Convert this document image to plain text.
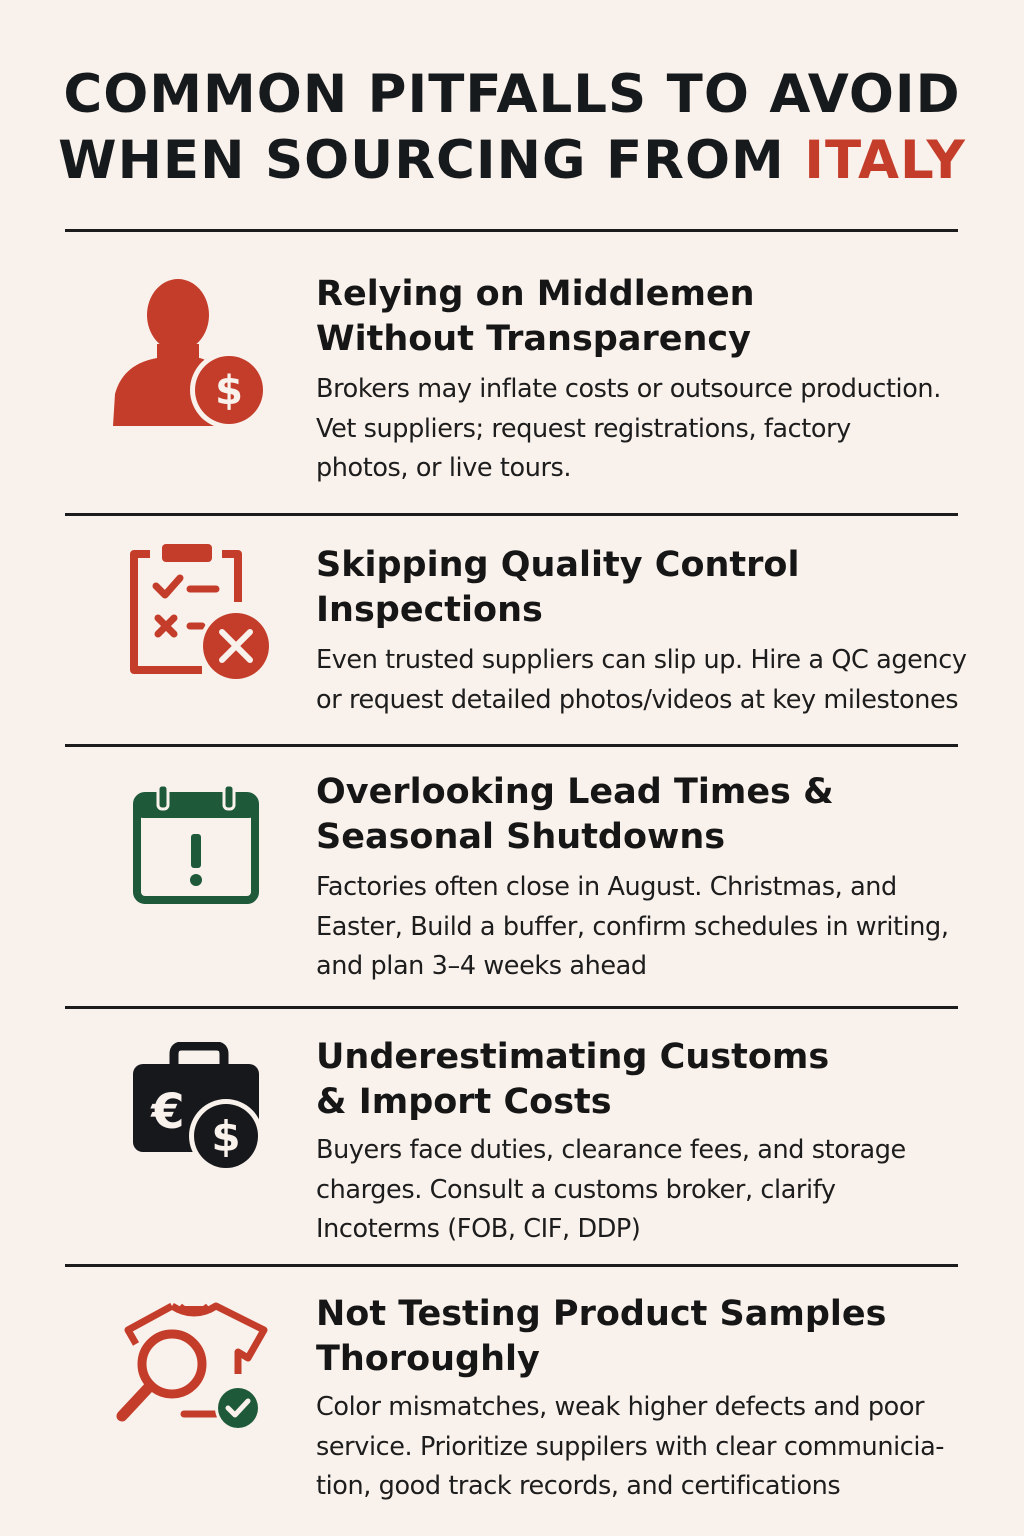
COMMON PITFALLS TO AVOID
WHEN SOURCING FROM ITALY
$
Relying on Middlemen
Without Transparency

Brokers may inflate costs or outsource production.
Vet suppliers; request registrations, factory
photos, or live tours.

Skipping Quality Control
Inspections

Even trusted suppliers can slip up. Hire a QC agency
or request detailed photos/videos at key milestones

Overlooking Lead Times &
Seasonal Shutdowns

Factories often close in August. Christmas, and
Easter, Build a buffer, confirm schedules in writing,
and plan 3–4 weeks ahead

€ $
Underestimating Customs
& Import Costs

Buyers face duties, clearance fees, and storage
charges. Consult a customs broker, clarify
Incoterms (FOB, CIF, DDP)

Not Testing Product Samples
Thoroughly

Color mismatches, weak higher defects and poor
service. Prioritize suppilers with clear communicia-
tion, good track records, and certifications
